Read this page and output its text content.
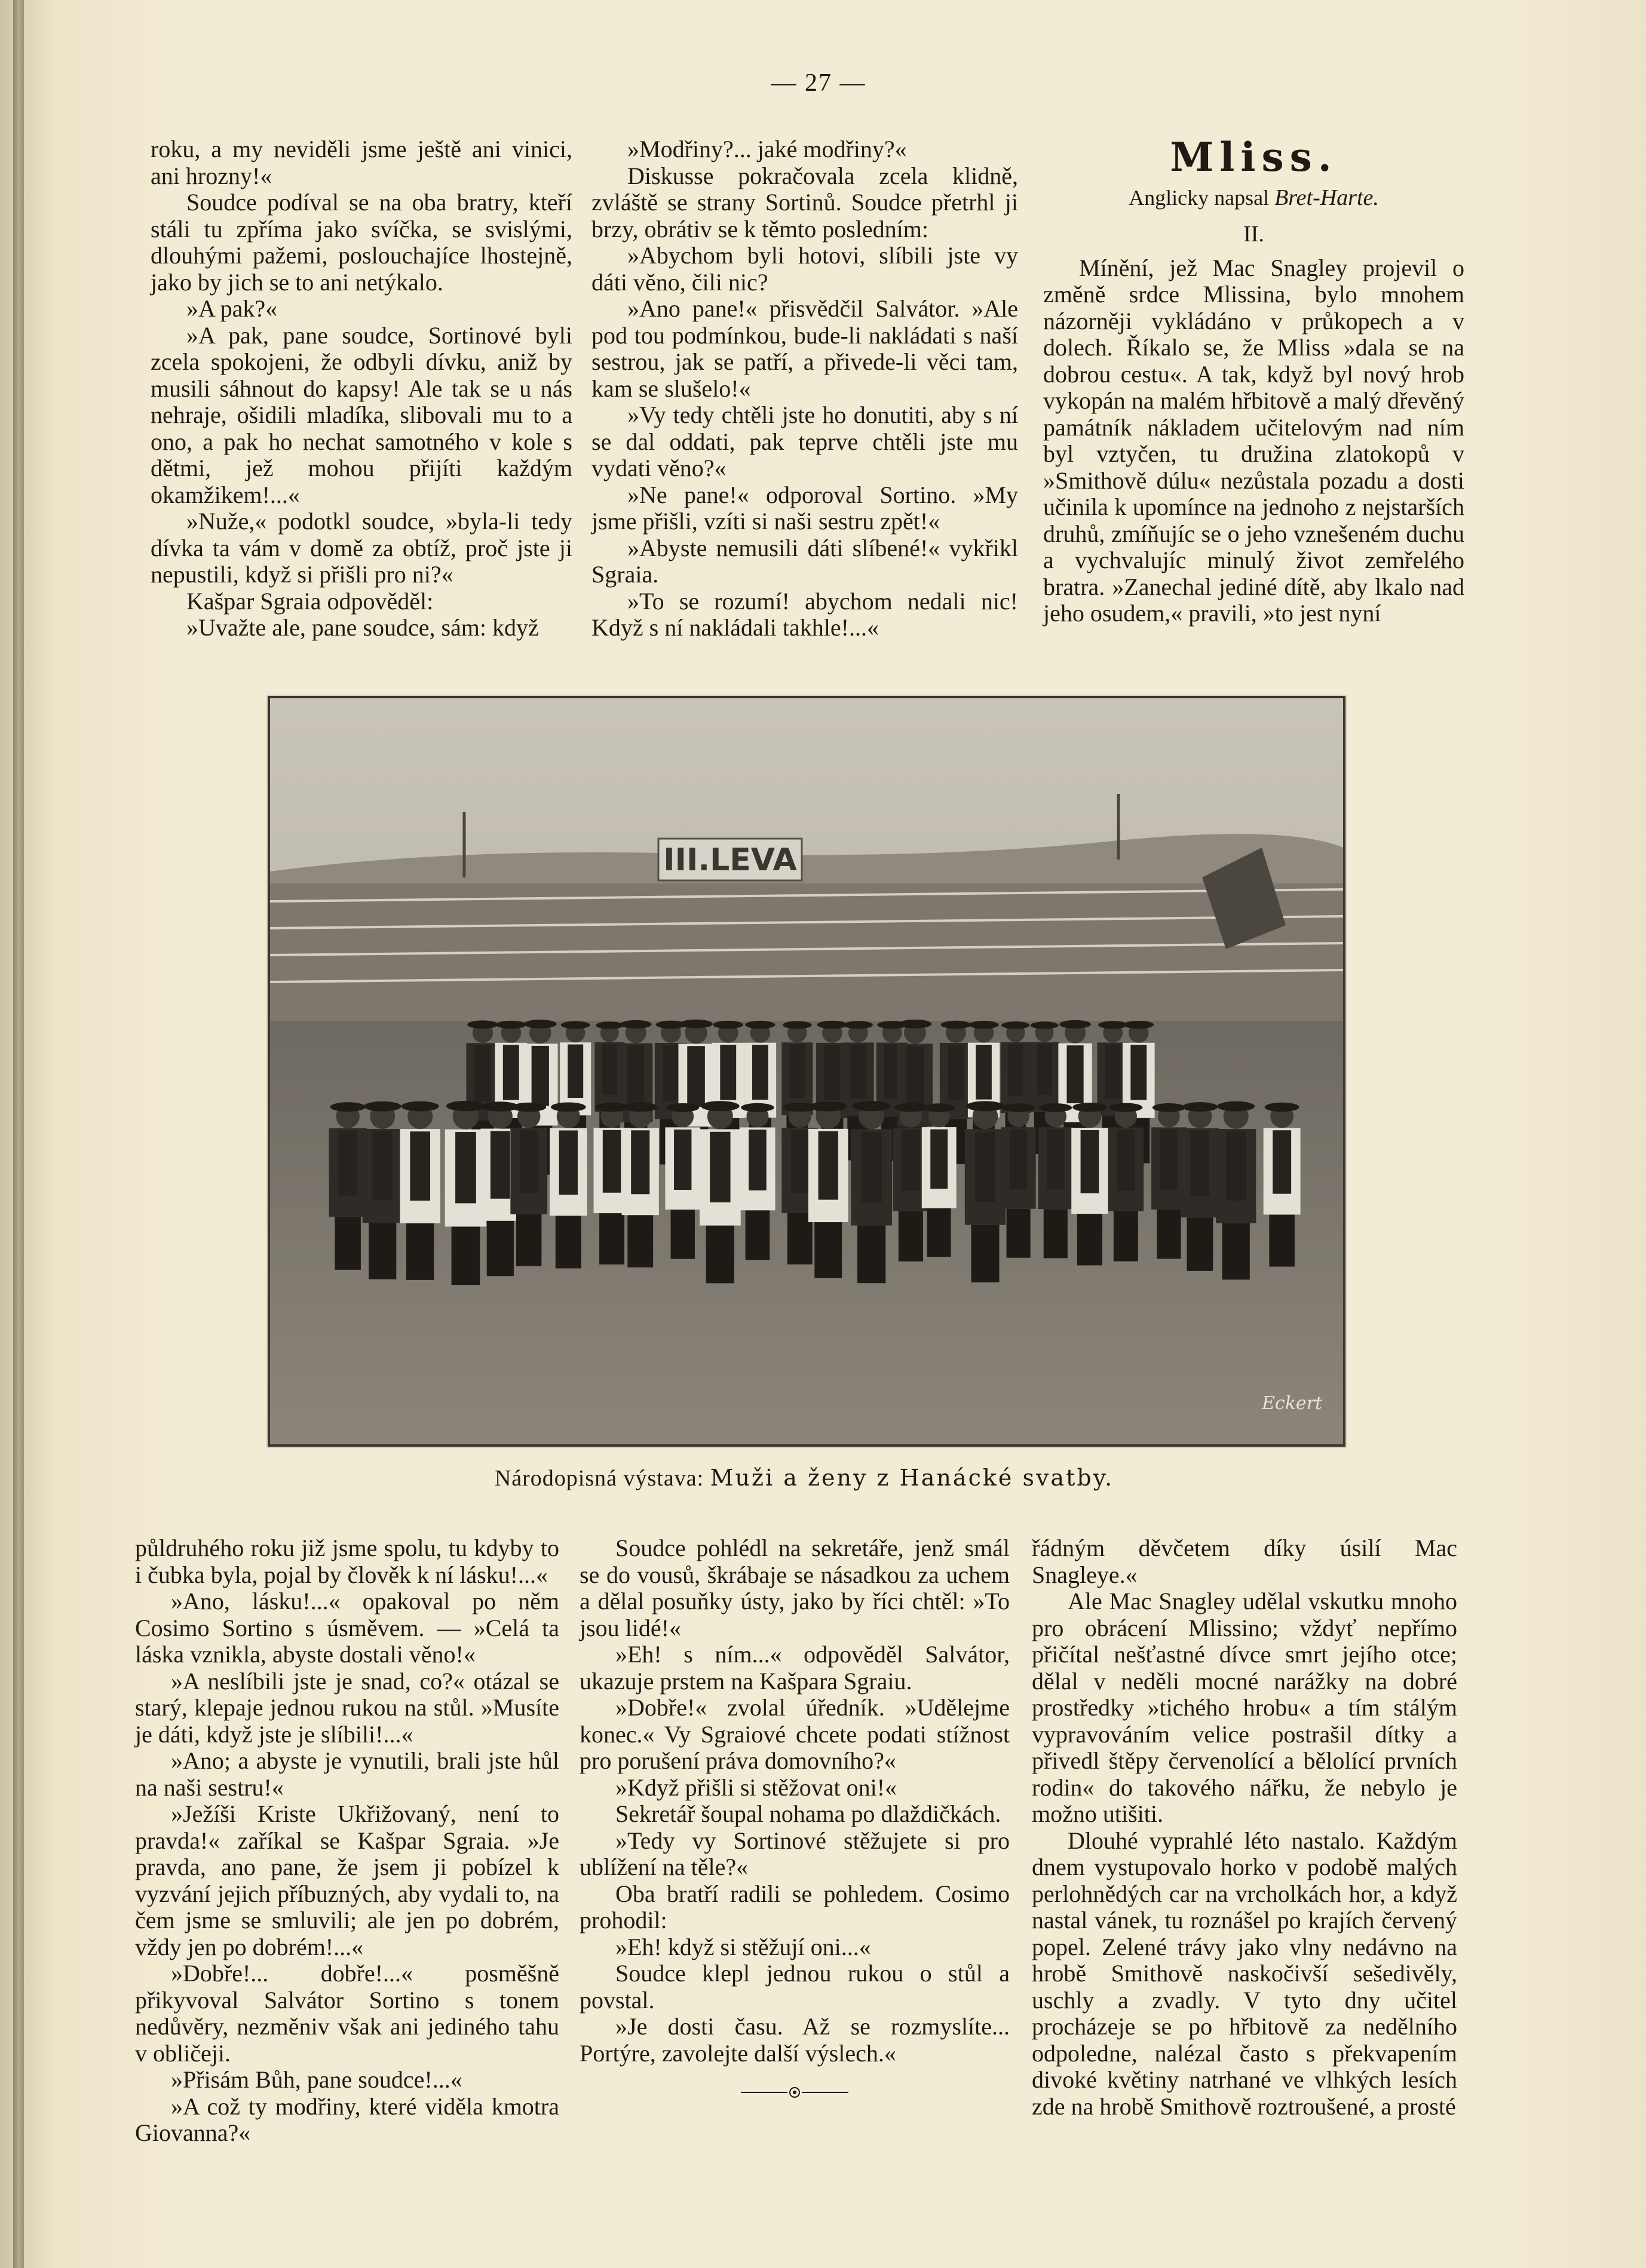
— 27 —

roku, a my neviděli jsme ještě ani vinici, ani hrozny!«

Soudce podíval se na oba bratry, kteří stáli tu zpříma jako svíčka, se svislými, dlouhými pažemi, poslouchajíce lhostejně, jako by jich se to ani netýkalo.

»A pak?«

»A pak, pane soudce, Sortinové byli zcela spokojeni, že odbyli dívku, aniž by musili sáhnout do kapsy! Ale tak se u nás nehraje, ošidili mladíka, slibovali mu to a ono, a pak ho nechat samotného v kole s dětmi, jež mohou přijíti každým okamžikem!...«

»Nuže,« podotkl soudce, »byla-li tedy dívka ta vám v domě za obtíž, proč jste ji nepustili, když si přišli pro ni?«

Kašpar Sgraia odpověděl:

»Uvažte ale, pane soudce, sám: když

»Modřiny?... jaké modřiny?«

Diskusse pokračovala zcela klidně, zvláště se strany Sortinů. Soudce přetrhl ji brzy, obrátiv se k těmto posledním:

»Abychom byli hotovi, slíbili jste vy dáti věno, čili nic?

»Ano pane!« přisvědčil Salvátor. »Ale pod tou podmínkou, bude-li nakládati s naší sestrou, jak se patří, a přivede-li věci tam, kam se slušelo!«

»Vy tedy chtěli jste ho donutiti, aby s ní se dal oddati, pak teprve chtěli jste mu vydati věno?«

»Ne pane!« odporoval Sortino. »My jsme přišli, vzíti si naši sestru zpět!«

»Abyste nemusili dáti slíbené!« vykřikl Sgraia.

»To se rozumí! abychom nedali nic! Když s ní nakládali takhle!...«

Mliss.
Anglicky napsal Bret-Harte.
II.

Mínění, jež Mac Snagley projevil o změně srdce Mlissina, bylo mnohem názorněji vykládáno v průkopech a v dolech. Říkalo se, že Mliss »dala se na dobrou cestu«. A tak, když byl nový hrob vykopán na malém hřbitově a malý dřevěný památník nákladem učitelovým nad ním byl vztyčen, tu družina zlatokopů v »Smithově dúlu« nezůstala pozadu a dosti učinila k upomínce na jednoho z nejstarších druhů, zmíňujíc se o jeho vznešeném duchu a vychvalujíc minulý život zemřelého bratra. »Zanechal jediné dítě, aby lkalo nad jeho osudem,« pravili, »to jest nyní

III.LEVA
Eckert
Národopisná výstava: Muži a ženy z Hanácké svatby.

půldruhého roku již jsme spolu, tu kdyby to i čubka byla, pojal by člověk k ní lásku!...«

»Ano, lásku!...« opakoval po něm Cosimo Sortino s úsměvem. — »Celá ta láska vznikla, abyste dostali věno!«

»A neslíbili jste je snad, co?« otázal se starý, klepaje jednou rukou na stůl. »Musíte je dáti, když jste je slíbili!...«

»Ano; a abyste je vynutili, brali jste hůl na naši sestru!«

»Ježíši Kriste Ukřižovaný, není to pravda!« zaříkal se Kašpar Sgraia. »Je pravda, ano pane, že jsem ji pobízel k vyzvání jejich příbuzných, aby vydali to, na čem jsme se smluvili; ale jen po dobrém, vždy jen po dobrém!...«

»Dobře!... dobře!...« posměšně přikyvoval Salvátor Sortino s tonem nedůvěry, nezměniv však ani jediného tahu v obličeji.

»Přisám Bůh, pane soudce!...«

»A což ty modřiny, které viděla kmotra Giovanna?«

Soudce pohlédl na sekretáře, jenž smál se do vousů, škrábaje se násadkou za uchem a dělal posuňky ústy, jako by říci chtěl: »To jsou lidé!«

»Eh! s ním...« odpověděl Salvátor, ukazuje prstem na Kašpara Sgraiu.

»Dobře!« zvolal úředník. »Udělejme konec.« Vy Sgraiové chcete podati stížnost pro porušení práva domovního?«

»Když přišli si stěžovat oni!«

Sekretář šoupal nohama po dlaždičkách.

»Tedy vy Sortinové stěžujete si pro ublížení na těle?«

Oba bratří radili se pohledem. Cosimo prohodil:

»Eh! když si stěžují oni...«

Soudce klepl jednou rukou o stůl a povstal.

»Je dosti času. Až se rozmyslíte... Portýre, zavolejte další výslech.«

řádným děvčetem díky úsilí Mac Snagleye.«

Ale Mac Snagley udělal vskutku mnoho pro obrácení Mlissino; vždyť nepřímo přičítal nešťastné dívce smrt jejího otce; dělal v neděli mocné narážky na dobré prostředky »tichého hrobu« a tím stálým vypravováním velice postrašil dítky a přivedl štěpy červenolící a bělolící prvních rodin« do takového nářku, že nebylo je možno utišiti.

Dlouhé vyprahlé léto nastalo. Každým dnem vystupovalo horko v podobě malých perlohnědých car na vrcholkách hor, a když nastal vánek, tu roznášel po krajích červený popel. Zelené trávy jako vlny nedávno na hrobě Smithově naskočivší sešedivěly, uschly a zvadly. V tyto dny učitel procházeje se po hřbitově za nedělního odpoledne, nalézal často s překvapením divoké květiny natrhané ve vlhkých lesích zde na hrobě Smithově roztroušené, a prosté
